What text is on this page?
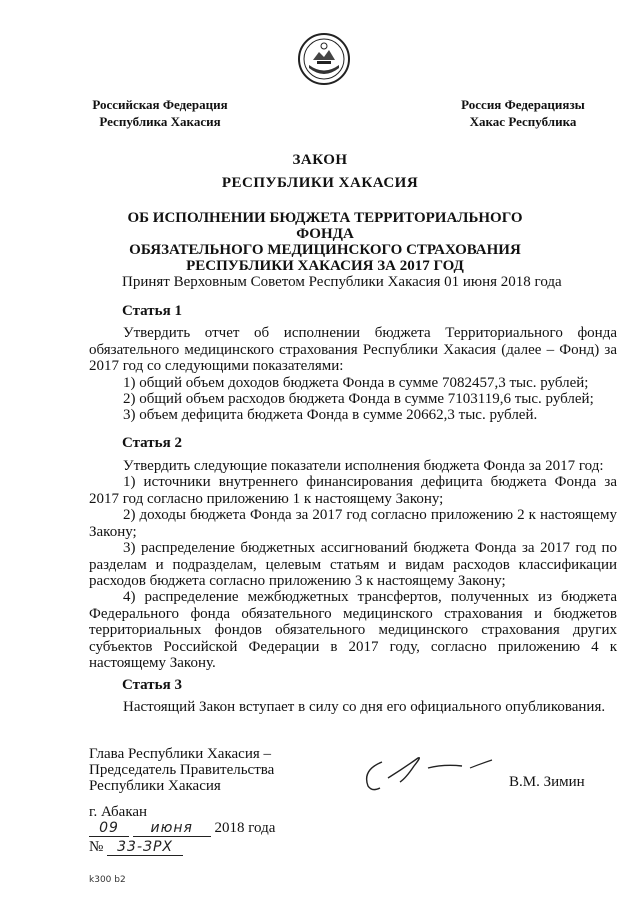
Российская Федерация
Республика Хакасия
Россия Федерациязы
Хакас Республика
ЗАКОН
РЕСПУБЛИКИ ХАКАСИЯ
ОБ ИСПОЛНЕНИИ БЮДЖЕТА ТЕРРИТОРИАЛЬНОГО ФОНДА
ОБЯЗАТЕЛЬНОГО МЕДИЦИНСКОГО СТРАХОВАНИЯ
РЕСПУБЛИКИ ХАКАСИЯ ЗА 2017 ГОД
Принят Верховным Советом Республики Хакасия 01 июня 2018 года
Статья 1

Утвердить отчет об исполнении бюджета Территориального фонда обязательного медицинского страхования Республики Хакасия (далее – Фонд) за 2017 год со следующими показателями:

1) общий объем доходов бюджета Фонда в сумме 7082457,3 тыс. рублей;
2) общий объем расходов бюджета Фонда в сумме 7103119,6 тыс. рублей;
3) объем дефицита бюджета Фонда в сумме 20662,3 тыс. рублей.
Статья 2
Утвердить следующие показатели исполнения бюджета Фонда за 2017 год:

1) источники внутреннего финансирования дефицита бюджета Фонда за 2017 год согласно приложению 1 к настоящему Закону;

2) доходы бюджета Фонда за 2017 год согласно приложению 2 к настоящему Закону;

3) распределение бюджетных ассигнований бюджета Фонда за 2017 год по разделам и подразделам, целевым статьям и видам расходов классификации расходов бюджета согласно приложению 3 к настоящему Закону;

4) распределение межбюджетных трансфертов, полученных из бюджета Федерального фонда обязательного медицинского страхования и бюджетов территориальных фондов обязательного медицинского страхования других субъектов Российской Федерации в 2017 году, согласно приложению 4 к настоящему Закону.

Статья 3
Настоящий Закон вступает в силу со дня его официального опубликования.
Глава Республики Хакасия –
Председатель Правительства
Республики Хакасия	В.М. Зимин
г. Абакан
09 июня 2018 года
№ 33-ЗРХ
k300 b2
